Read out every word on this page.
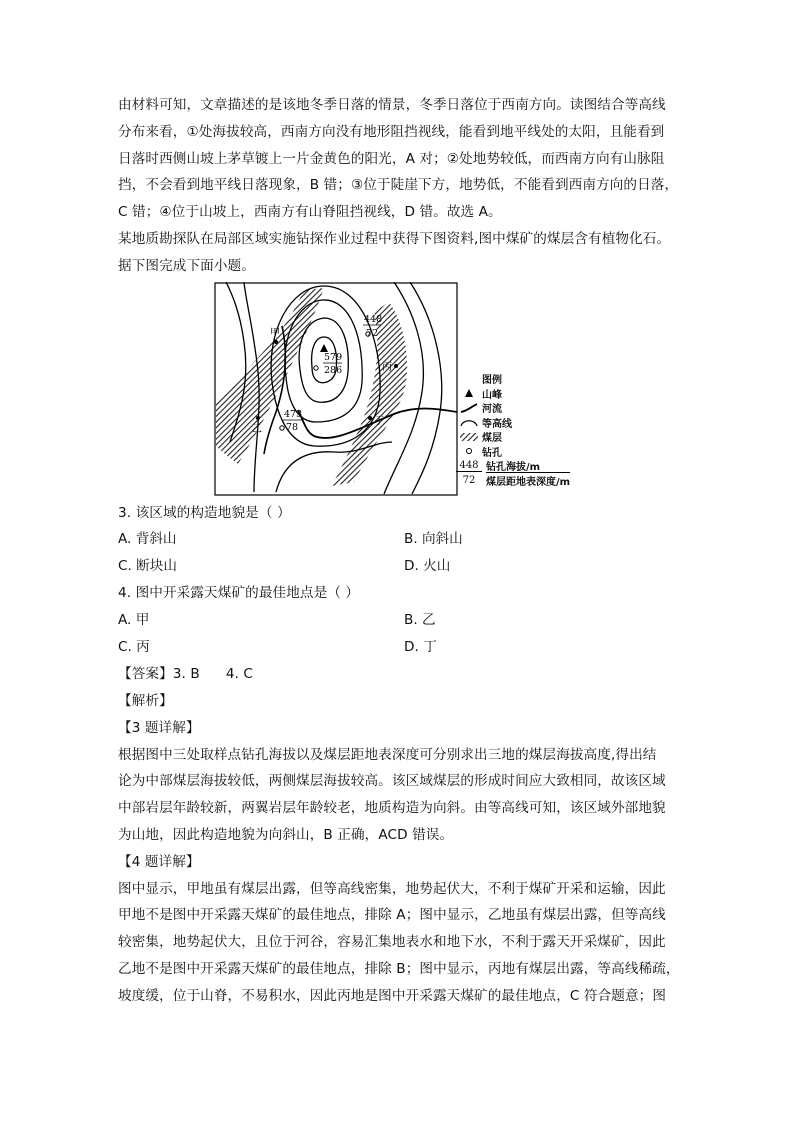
由材料可知，文章描述的是该地冬季日落的情景，冬季日落位于西南方向。读图结合等高线

分布来看，①处海拔较高，西南方向没有地形阻挡视线，能看到地平线处的太阳，且能看到

日落时西侧山坡上茅草镀上一片金黄色的阳光，A 对；②处地势较低，而西南方向有山脉阻

挡，不会看到地平线日落现象，B 错；③位于陡崖下方，地势低，不能看到西南方向的日落，

C 错；④位于山坡上，西南方有山脊阻挡视线，D 错。故选 A。

某地质勘探队在局部区域实施钻探作业过程中获得下图资料,图中煤矿的煤层含有植物化石。

据下图完成下面小题。

579
286
448
72
473
78
甲
乙
丙
丁
图例
山峰
河流
等高线
煤层
钻孔
448 钻孔海拔/m
72	煤层距地表深度/m

3. 该区域的构造地貌是（ ）

A. 背斜山	B. 向斜山
C. 断块山	D. 火山

4. 图中开采露天煤矿的最佳地点是（ ）

A. 甲	B. 乙
C. 丙	D. 丁

【答案】3. B 4. C

【解析】

【3 题详解】

根据图中三处取样点钻孔海拔以及煤层距地表深度可分别求出三地的煤层海拔高度,得出结

论为中部煤层海拔较低，两侧煤层海拔较高。该区域煤层的形成时间应大致相同，故该区域

中部岩层年龄较新，两翼岩层年龄较老，地质构造为向斜。由等高线可知，该区域外部地貌

为山地，因此构造地貌为向斜山，B 正确，ACD 错误。

【4 题详解】

图中显示，甲地虽有煤层出露，但等高线密集，地势起伏大，不利于煤矿开采和运输，因此

甲地不是图中开采露天煤矿的最佳地点，排除 A；图中显示，乙地虽有煤层出露，但等高线

较密集，地势起伏大，且位于河谷，容易汇集地表水和地下水，不利于露天开采煤矿，因此

乙地不是图中开采露天煤矿的最佳地点，排除 B；图中显示，丙地有煤层出露，等高线稀疏，

坡度缓，位于山脊，不易积水，因此丙地是图中开采露天煤矿的最佳地点，C 符合题意；图
